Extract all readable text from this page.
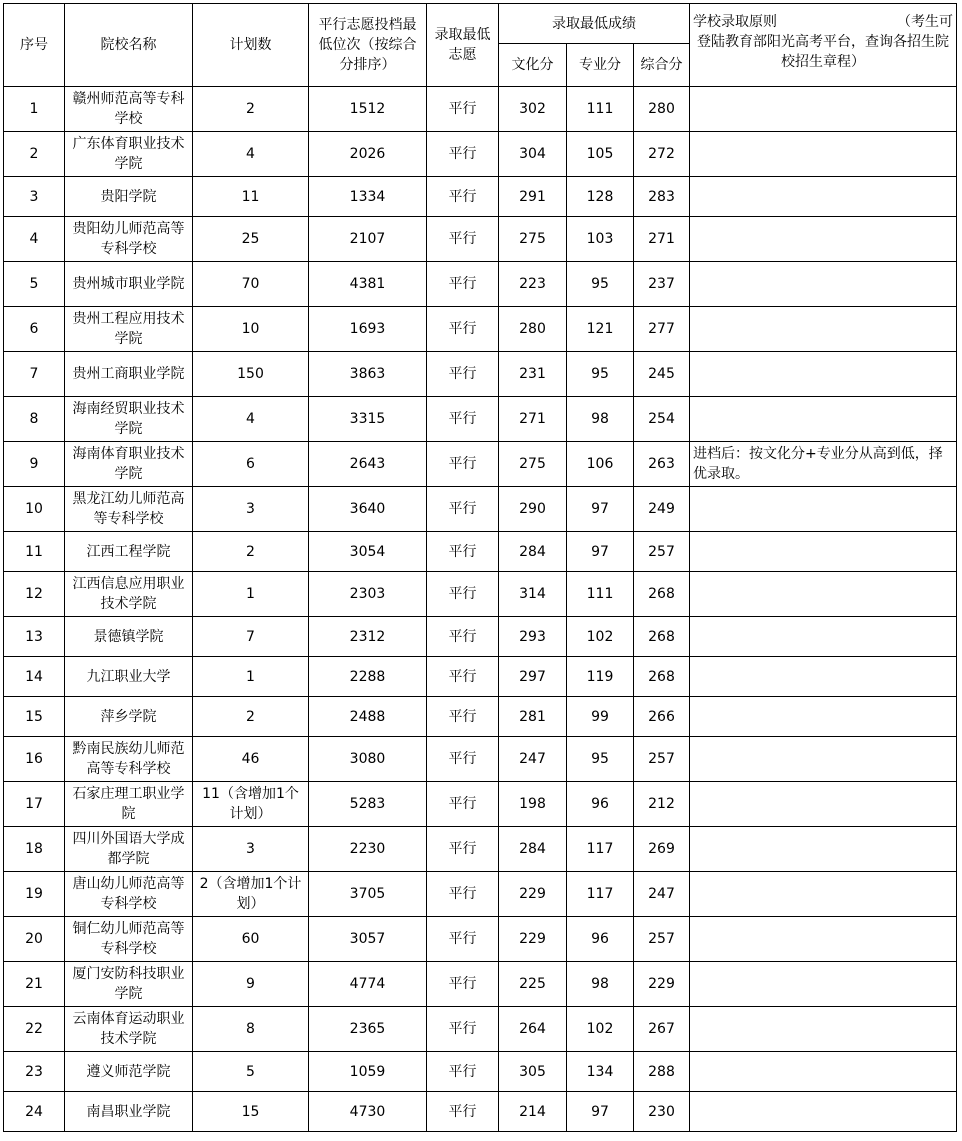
序号	院校名称	计划数	平行志愿投档最低位次（按综合分排序）	录取最低志愿	录取最低成绩			学校录取原则 （考生可
登陆教育部阳光高考平台，查询各招生院校招生章程）

					文化分	专业分	综合分	
1	赣州师范高等专科学校	2	1512	平行	302	111	280	
2	广东体育职业技术学院	4	2026	平行	304	105	272	
3	贵阳学院	11	1334	平行	291	128	283	
4	贵阳幼儿师范高等专科学校	25	2107	平行	275	103	271	
5	贵州城市职业学院	70	4381	平行	223	95	237	
6	贵州工程应用技术学院	10	1693	平行	280	121	277	
7	贵州工商职业学院	150	3863	平行	231	95	245	
8	海南经贸职业技术学院	4	3315	平行	271	98	254	
9	海南体育职业技术学院	6	2643	平行	275	106	263	进档后：按文化分+专业分从高到低，择优录取。
10	黑龙江幼儿师范高等专科学校	3	3640	平行	290	97	249	
11	江西工程学院	2	3054	平行	284	97	257	
12	江西信息应用职业技术学院	1	2303	平行	314	111	268	
13	景德镇学院	7	2312	平行	293	102	268	
14	九江职业大学	1	2288	平行	297	119	268	
15	萍乡学院	2	2488	平行	281	99	266	
16	黔南民族幼儿师范高等专科学校	46	3080	平行	247	95	257	
17	石家庄理工职业学院	11（含增加1个计划）	5283	平行	198	96	212	
18	四川外国语大学成都学院	3	2230	平行	284	117	269	
19	唐山幼儿师范高等专科学校	2（含增加1个计划）	3705	平行	229	117	247	
20	铜仁幼儿师范高等专科学校	60	3057	平行	229	96	257	
21	厦门安防科技职业学院	9	4774	平行	225	98	229	
22	云南体育运动职业技术学院	8	2365	平行	264	102	267	
23	遵义师范学院	5	1059	平行	305	134	288	
24	南昌职业学院	15	4730	平行	214	97	230	
